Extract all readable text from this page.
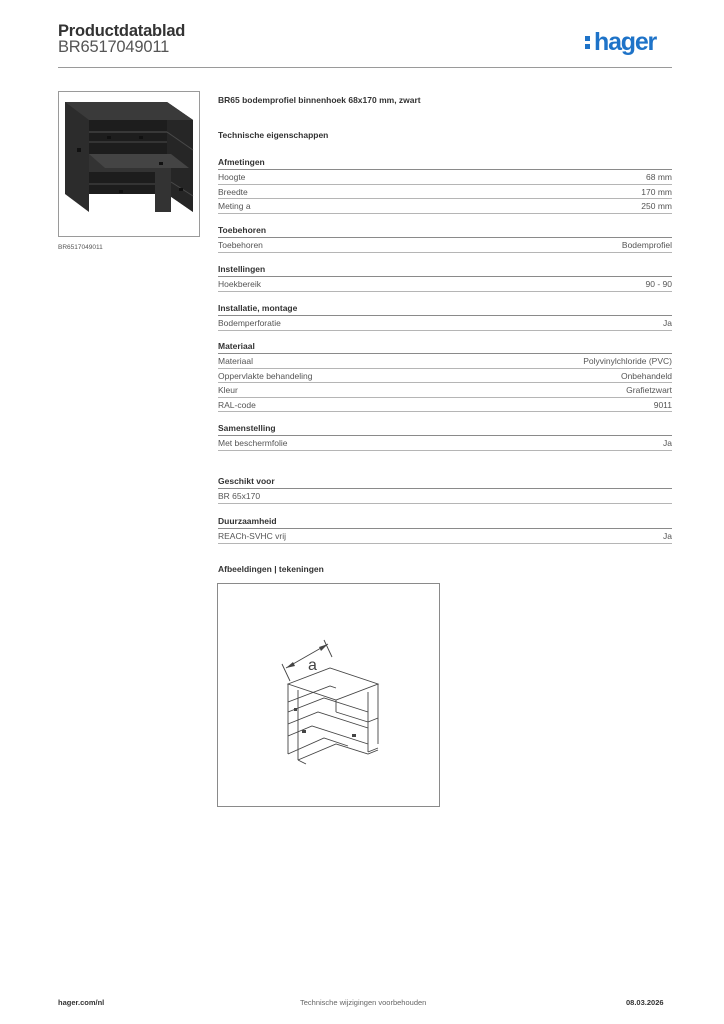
Productdatablad
BR6517049011	hager
BR6517049011
BR65 bodemprofiel binnenhoek 68x170 mm, zwart
Technische eigenschappen
Afmetingen
Hoogte	68 mm
Breedte	170 mm
Meting a	250 mm
Toebehoren
Toebehoren	Bodemprofiel
Instellingen
Hoekbereik	90 - 90
Installatie, montage
Bodemperforatie	Ja
Materiaal
Materiaal	Polyvinylchloride (PVC)
Oppervlakte behandeling	Onbehandeld
Kleur	Grafietzwart
RAL-code	9011
Samenstelling
Met beschermfolie	Ja
Geschikt voor
BR 65x170
Duurzaamheid
REACh-SVHC vrij	Ja
Afbeeldingen | tekeningen
a
hager.com/nl	Technische wijzigingen voorbehouden	08.03.2026
